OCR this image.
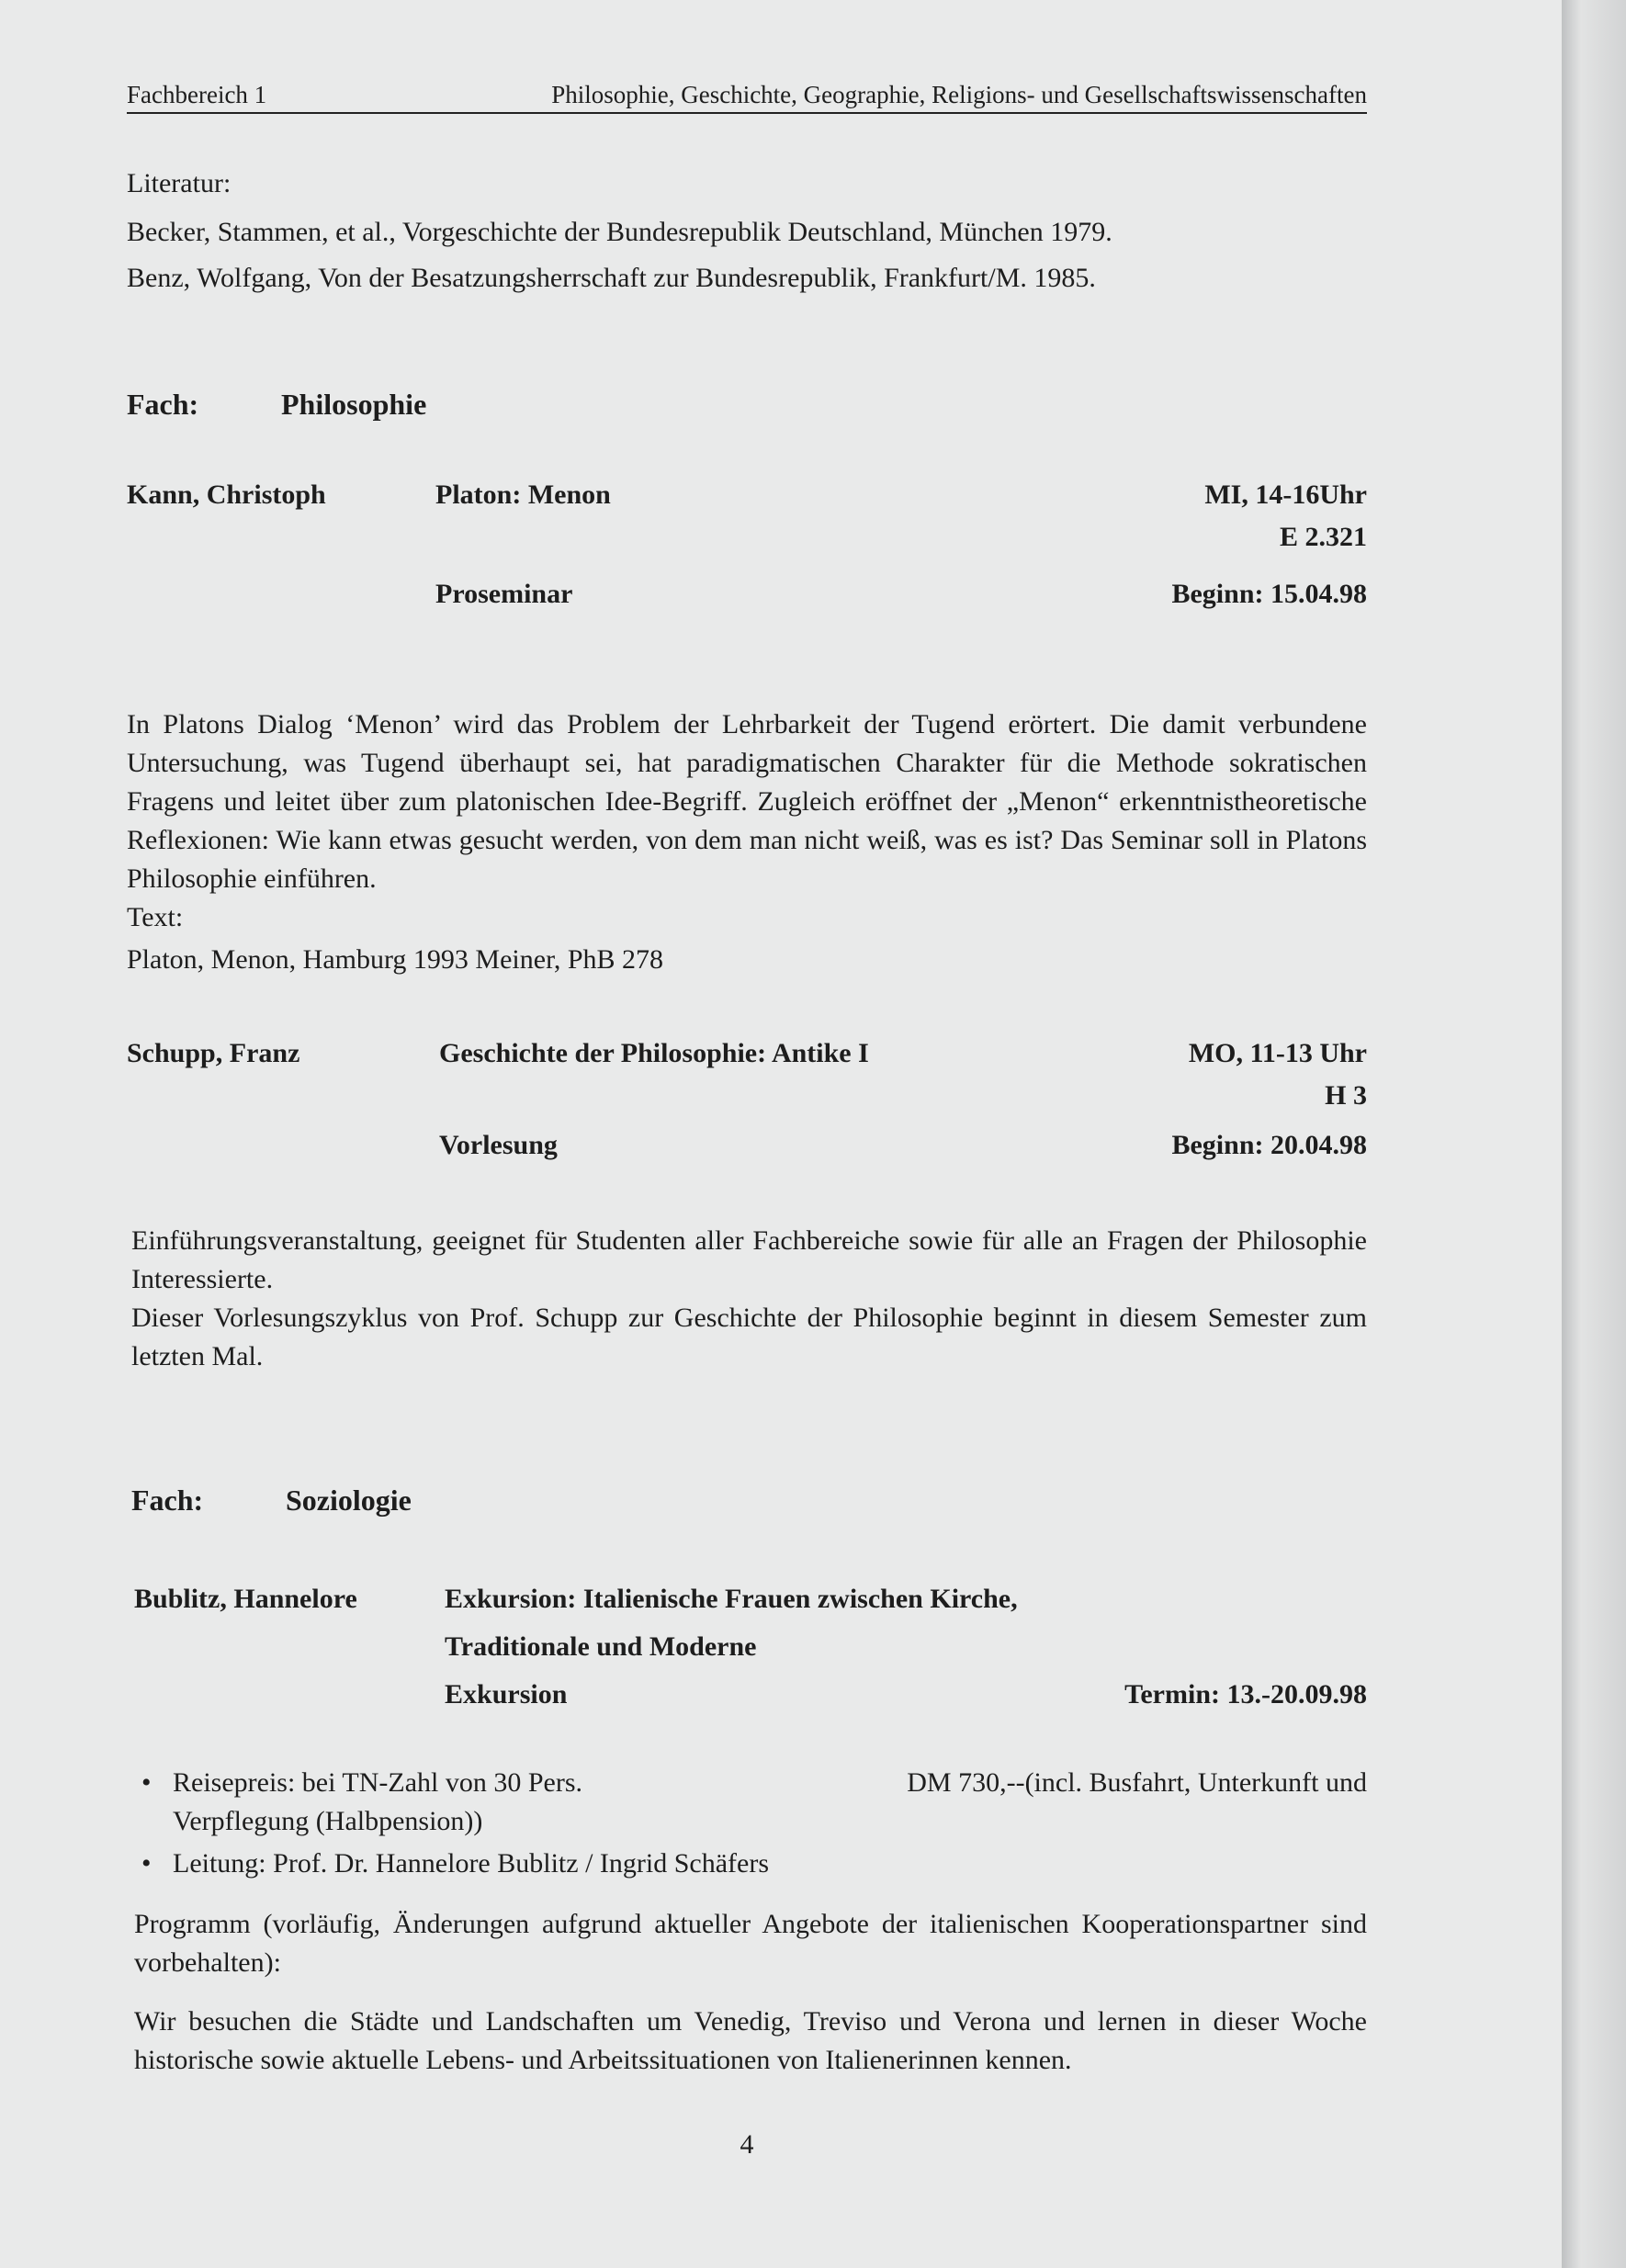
Fachbereich 1	Philosophie, Geschichte, Geographie, Religions- und Gesellschaftswissenschaften

Literatur:

Becker, Stammen, et al., Vorgeschichte der Bundesrepublik Deutschland, München 1979.

Benz, Wolfgang, Von der Besatzungsherrschaft zur Bundesrepublik, Frankfurt/M. 1985.

Fach:	Philosophie
Kann, Christoph	Platon: Menon	MI, 14-16Uhr
E 2.321
Proseminar	Beginn: 15.04.98

In Platons Dialog ‘Menon’ wird das Problem der Lehrbarkeit der Tugend erörtert. Die damit verbundene Untersuchung, was Tugend überhaupt sei, hat paradigmatischen Charakter für die Methode sokratischen Fragens und leitet über zum platonischen Idee-Begriff. Zugleich eröffnet der „Menon“ erkenntnistheoretische Reflexionen: Wie kann etwas gesucht werden, von dem man nicht weiß, was es ist? Das Seminar soll in Platons Philosophie einführen.

Text:

Platon, Menon, Hamburg 1993 Meiner, PhB 278

Schupp, Franz	Geschichte der Philosophie: Antike I	MO, 11-13 Uhr
H 3
Vorlesung	Beginn: 20.04.98

Einführungsveranstaltung, geeignet für Studenten aller Fachbereiche sowie für alle an Fragen der Philosophie Interessierte.

Dieser Vorlesungszyklus von Prof. Schupp zur Geschichte der Philosophie beginnt in diesem Semester zum letzten Mal.

Fach:	Soziologie
Bublitz, Hannelore	Exkursion: Italienische Frauen zwischen Kirche,
Traditionale und Moderne
Exkursion	Termin: 13.-20.09.98
• Reisepreis: bei TN-Zahl von 30 Pers.	DM 730,--(incl. Busfahrt, Unterkunft und
Verpflegung (Halbpension))
• Leitung: Prof. Dr. Hannelore Bublitz / Ingrid Schäfers

Programm (vorläufig, Änderungen aufgrund aktueller Angebote der italienischen Kooperationspartner sind vorbehalten):

Wir besuchen die Städte und Landschaften um Venedig, Treviso und Verona und lernen in dieser Woche historische sowie aktuelle Lebens- und Arbeitssituationen von Italienerinnen kennen.

4
